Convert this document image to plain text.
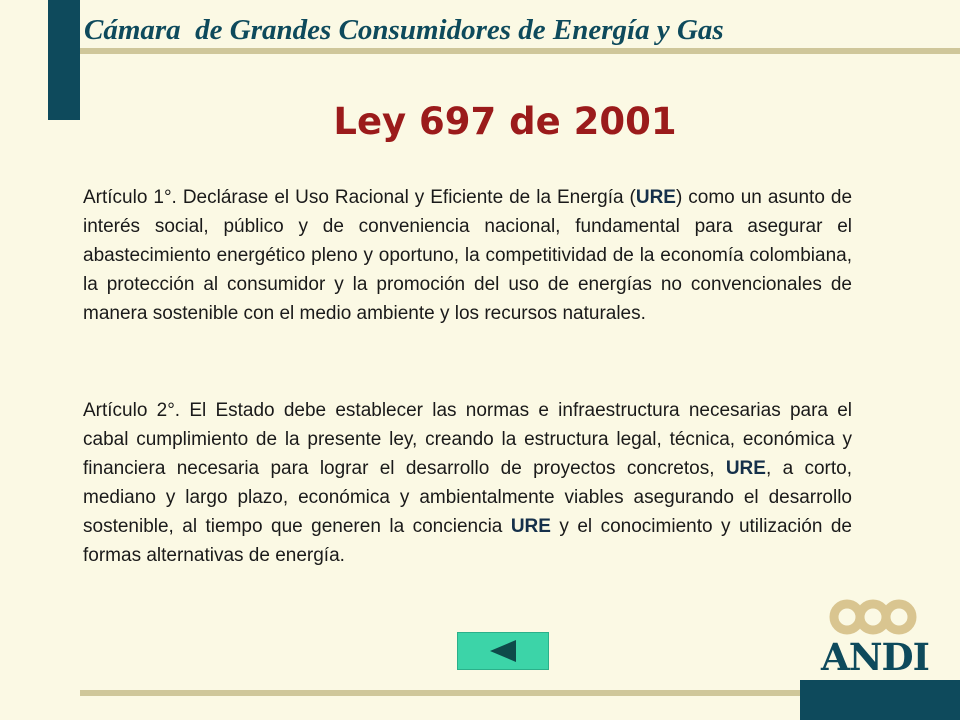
Cámara  de Grandes Consumidores de Energía y Gas
Ley 697 de 2001

Artículo 1°. Declárase el Uso Racional y Eficiente de la Energía (URE) como un asunto de interés social, público y de conveniencia nacional, fundamental para asegurar el abastecimiento energético pleno y oportuno, la competitividad de la economía colombiana, la protección al consumidor y la promoción del uso de energías no convencionales de manera sostenible con el medio ambiente y los recursos naturales.

Artículo 2°. El Estado debe establecer las normas e infraestructura necesarias para el cabal cumplimiento de la presente ley, creando la estructura legal, técnica, económica y financiera necesaria para lograr el desarrollo de proyectos concretos, URE, a corto, mediano y largo plazo, económica y ambientalmente viables asegurando el desarrollo sostenible, al tiempo que generen la conciencia URE y el conocimiento y utilización de formas alternativas de energía.

ANDI
